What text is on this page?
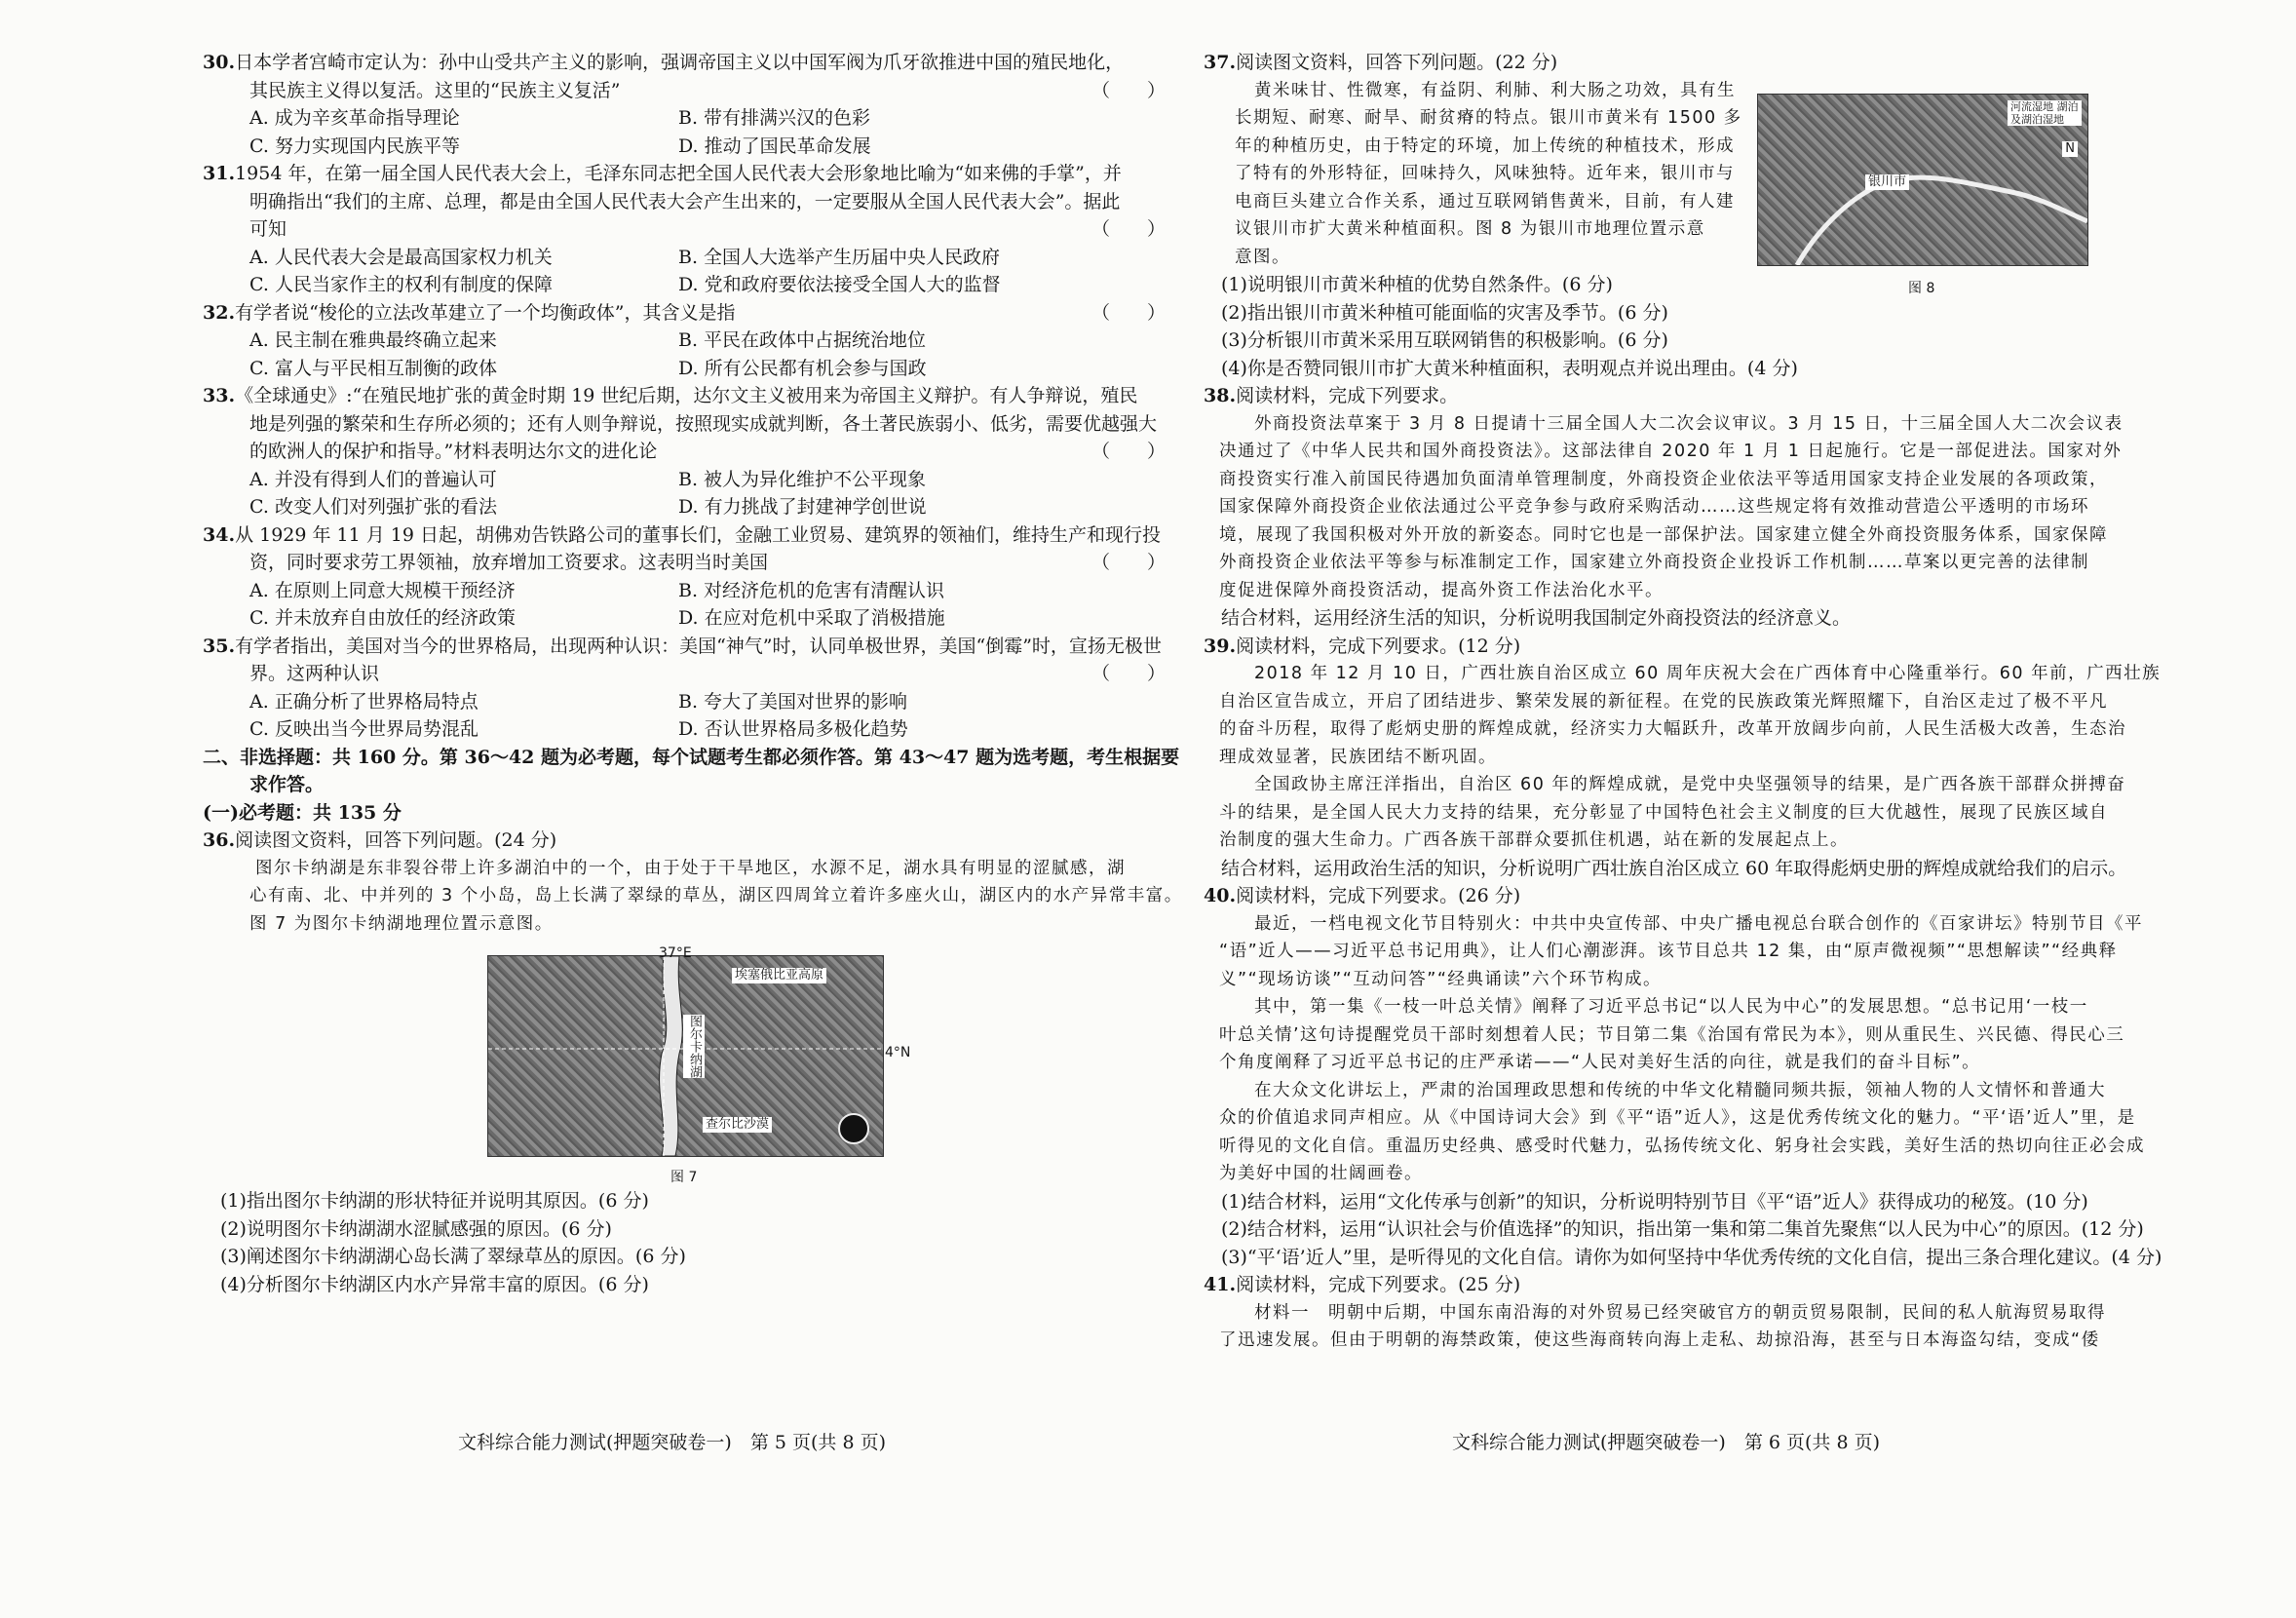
30.日本学者宫崎市定认为：孙中山受共产主义的影响，强调帝国主义以中国军阀为爪牙欲推进中国的殖民地化，
其民族主义得以复活。这里的“民族主义复活”	（　　）
A. 成为辛亥革命指导理论	B. 带有排满兴汉的色彩
C. 努力实现国内民族平等	D. 推动了国民革命发展
31.1954 年，在第一届全国人民代表大会上，毛泽东同志把全国人民代表大会形象地比喻为“如来佛的手掌”，并
明确指出“我们的主席、总理，都是由全国人民代表大会产生出来的，一定要服从全国人民代表大会”。据此
可知	（　　）
A. 人民代表大会是最高国家权力机关	B. 全国人大选举产生历届中央人民政府
C. 人民当家作主的权利有制度的保障	D. 党和政府要依法接受全国人大的监督
32.有学者说“梭伦的立法改革建立了一个均衡政体”，其含义是指	（　　）
A. 民主制在雅典最终确立起来	B. 平民在政体中占据统治地位
C. 富人与平民相互制衡的政体	D. 所有公民都有机会参与国政
33.《全球通史》:“在殖民地扩张的黄金时期 19 世纪后期，达尔文主义被用来为帝国主义辩护。有人争辩说，殖民
地是列强的繁荣和生存所必须的；还有人则争辩说，按照现实成就判断，各土著民族弱小、低劣，需要优越强大
的欧洲人的保护和指导。”材料表明达尔文的进化论	（　　）
A. 并没有得到人们的普遍认可	B. 被人为异化维护不公平现象
C. 改变人们对列强扩张的看法	D. 有力挑战了封建神学创世说
34.从 1929 年 11 月 19 日起，胡佛劝告铁路公司的董事长们，金融工业贸易、建筑界的领袖们，维持生产和现行投
资，同时要求劳工界领袖，放弃增加工资要求。这表明当时美国	（　　）
A. 在原则上同意大规模干预经济	B. 对经济危机的危害有清醒认识
C. 并未放弃自由放任的经济政策	D. 在应对危机中采取了消极措施
35.有学者指出，美国对当今的世界格局，出现两种认识：美国“神气”时，认同单极世界，美国“倒霉”时，宣扬无极世
界。这两种认识	（　　）
A. 正确分析了世界格局特点	B. 夸大了美国对世界的影响
C. 反映出当今世界局势混乱	D. 否认世界格局多极化趋势
二、非选择题：共 160 分。第 36～42 题为必考题，每个试题考生都必须作答。第 43～47 题为选考题，考生根据要
求作答。
(一)必考题：共 135 分
36.阅读图文资料，回答下列问题。(24 分)
图尔卡纳湖是东非裂谷带上许多湖泊中的一个，由于处于干旱地区，水源不足，湖水具有明显的涩腻感，湖
心有南、北、中并列的 3 个小岛，岛上长满了翠绿的草丛，湖区四周耸立着许多座火山，湖区内的水产异常丰富。
图 7 为图尔卡纳湖地理位置示意图。
图尔卡纳湖
埃塞俄比亚高原
查尔比沙漠
37°E
4°N
图 7
(1)指出图尔卡纳湖的形状特征并说明其原因。(6 分)
(2)说明图尔卡纳湖湖水涩腻感强的原因。(6 分)
(3)阐述图尔卡纳湖湖心岛长满了翠绿草丛的原因。(6 分)
(4)分析图尔卡纳湖区内水产异常丰富的原因。(6 分)
文科综合能力测试(押题突破卷一)　第 5 页(共 8 页)
37.阅读图文资料，回答下列问题。(22 分)
黄米味甘、性微寒，有益阴、利肺、利大肠之功效，具有生
长期短、耐寒、耐旱、耐贫瘠的特点。银川市黄米有 1500 多
年的种植历史，由于特定的环境，加上传统的种植技术，形成
了特有的外形特征，回味持久，风味独特。近年来，银川市与
电商巨头建立合作关系，通过互联网销售黄米，目前，有人建
议银川市扩大黄米种植面积。图 8 为银川市地理位置示意
意图。
河流湿地 湖泊及湖泊湿地
银川市
N
图 8
(1)说明银川市黄米种植的优势自然条件。(6 分)
(2)指出银川市黄米种植可能面临的灾害及季节。(6 分)
(3)分析银川市黄米采用互联网销售的积极影响。(6 分)
(4)你是否赞同银川市扩大黄米种植面积，表明观点并说出理由。(4 分)
38.阅读材料，完成下列要求。
外商投资法草案于 3 月 8 日提请十三届全国人大二次会议审议。3 月 15 日，十三届全国人大二次会议表
决通过了《中华人民共和国外商投资法》。这部法律自 2020 年 1 月 1 日起施行。它是一部促进法。国家对外
商投资实行准入前国民待遇加负面清单管理制度，外商投资企业依法平等适用国家支持企业发展的各项政策，
国家保障外商投资企业依法通过公平竞争参与政府采购活动……这些规定将有效推动营造公平透明的市场环
境，展现了我国积极对外开放的新姿态。同时它也是一部保护法。国家建立健全外商投资服务体系，国家保障
外商投资企业依法平等参与标准制定工作，国家建立外商投资企业投诉工作机制……草案以更完善的法律制
度促进保障外商投资活动，提高外资工作法治化水平。
结合材料，运用经济生活的知识，分析说明我国制定外商投资法的经济意义。
39.阅读材料，完成下列要求。(12 分)
2018 年 12 月 10 日，广西壮族自治区成立 60 周年庆祝大会在广西体育中心隆重举行。60 年前，广西壮族
自治区宣告成立，开启了团结进步、繁荣发展的新征程。在党的民族政策光辉照耀下，自治区走过了极不平凡
的奋斗历程，取得了彪炳史册的辉煌成就，经济实力大幅跃升，改革开放阔步向前，人民生活极大改善，生态治
理成效显著，民族团结不断巩固。
全国政协主席汪洋指出，自治区 60 年的辉煌成就，是党中央坚强领导的结果，是广西各族干部群众拼搏奋
斗的结果，是全国人民大力支持的结果，充分彰显了中国特色社会主义制度的巨大优越性，展现了民族区域自
治制度的强大生命力。广西各族干部群众要抓住机遇，站在新的发展起点上。
结合材料，运用政治生活的知识，分析说明广西壮族自治区成立 60 年取得彪炳史册的辉煌成就给我们的启示。
40.阅读材料，完成下列要求。(26 分)
最近，一档电视文化节目特别火：中共中央宣传部、中央广播电视总台联合创作的《百家讲坛》特别节目《平
“语”近人——习近平总书记用典》，让人们心潮澎湃。该节目总共 12 集，由“原声微视频”“思想解读”“经典释
义”“现场访谈”“互动问答”“经典诵读”六个环节构成。
其中，第一集《一枝一叶总关情》阐释了习近平总书记“以人民为中心”的发展思想。“总书记用‘一枝一
叶总关情’这句诗提醒党员干部时刻想着人民；节目第二集《治国有常民为本》，则从重民生、兴民德、得民心三
个角度阐释了习近平总书记的庄严承诺——“人民对美好生活的向往，就是我们的奋斗目标”。
在大众文化讲坛上，严肃的治国理政思想和传统的中华文化精髓同频共振，领袖人物的人文情怀和普通大
众的价值追求同声相应。从《中国诗词大会》到《平“语”近人》，这是优秀传统文化的魅力。“平‘语’近人”里，是
听得见的文化自信。重温历史经典、感受时代魅力，弘扬传统文化、躬身社会实践，美好生活的热切向往正必会成
为美好中国的壮阔画卷。
(1)结合材料，运用“文化传承与创新”的知识，分析说明特别节目《平“语”近人》获得成功的秘笈。(10 分)
(2)结合材料，运用“认识社会与价值选择”的知识，指出第一集和第二集首先聚焦“以人民为中心”的原因。(12 分)
(3)“平‘语’近人”里，是听得见的文化自信。请你为如何坚持中华优秀传统的文化自信，提出三条合理化建议。(4 分)
41.阅读材料，完成下列要求。(25 分)
材料一　明朝中后期，中国东南沿海的对外贸易已经突破官方的朝贡贸易限制，民间的私人航海贸易取得
了迅速发展。但由于明朝的海禁政策，使这些海商转向海上走私、劫掠沿海，甚至与日本海盗勾结，变成“倭
文科综合能力测试(押题突破卷一)　第 6 页(共 8 页)
